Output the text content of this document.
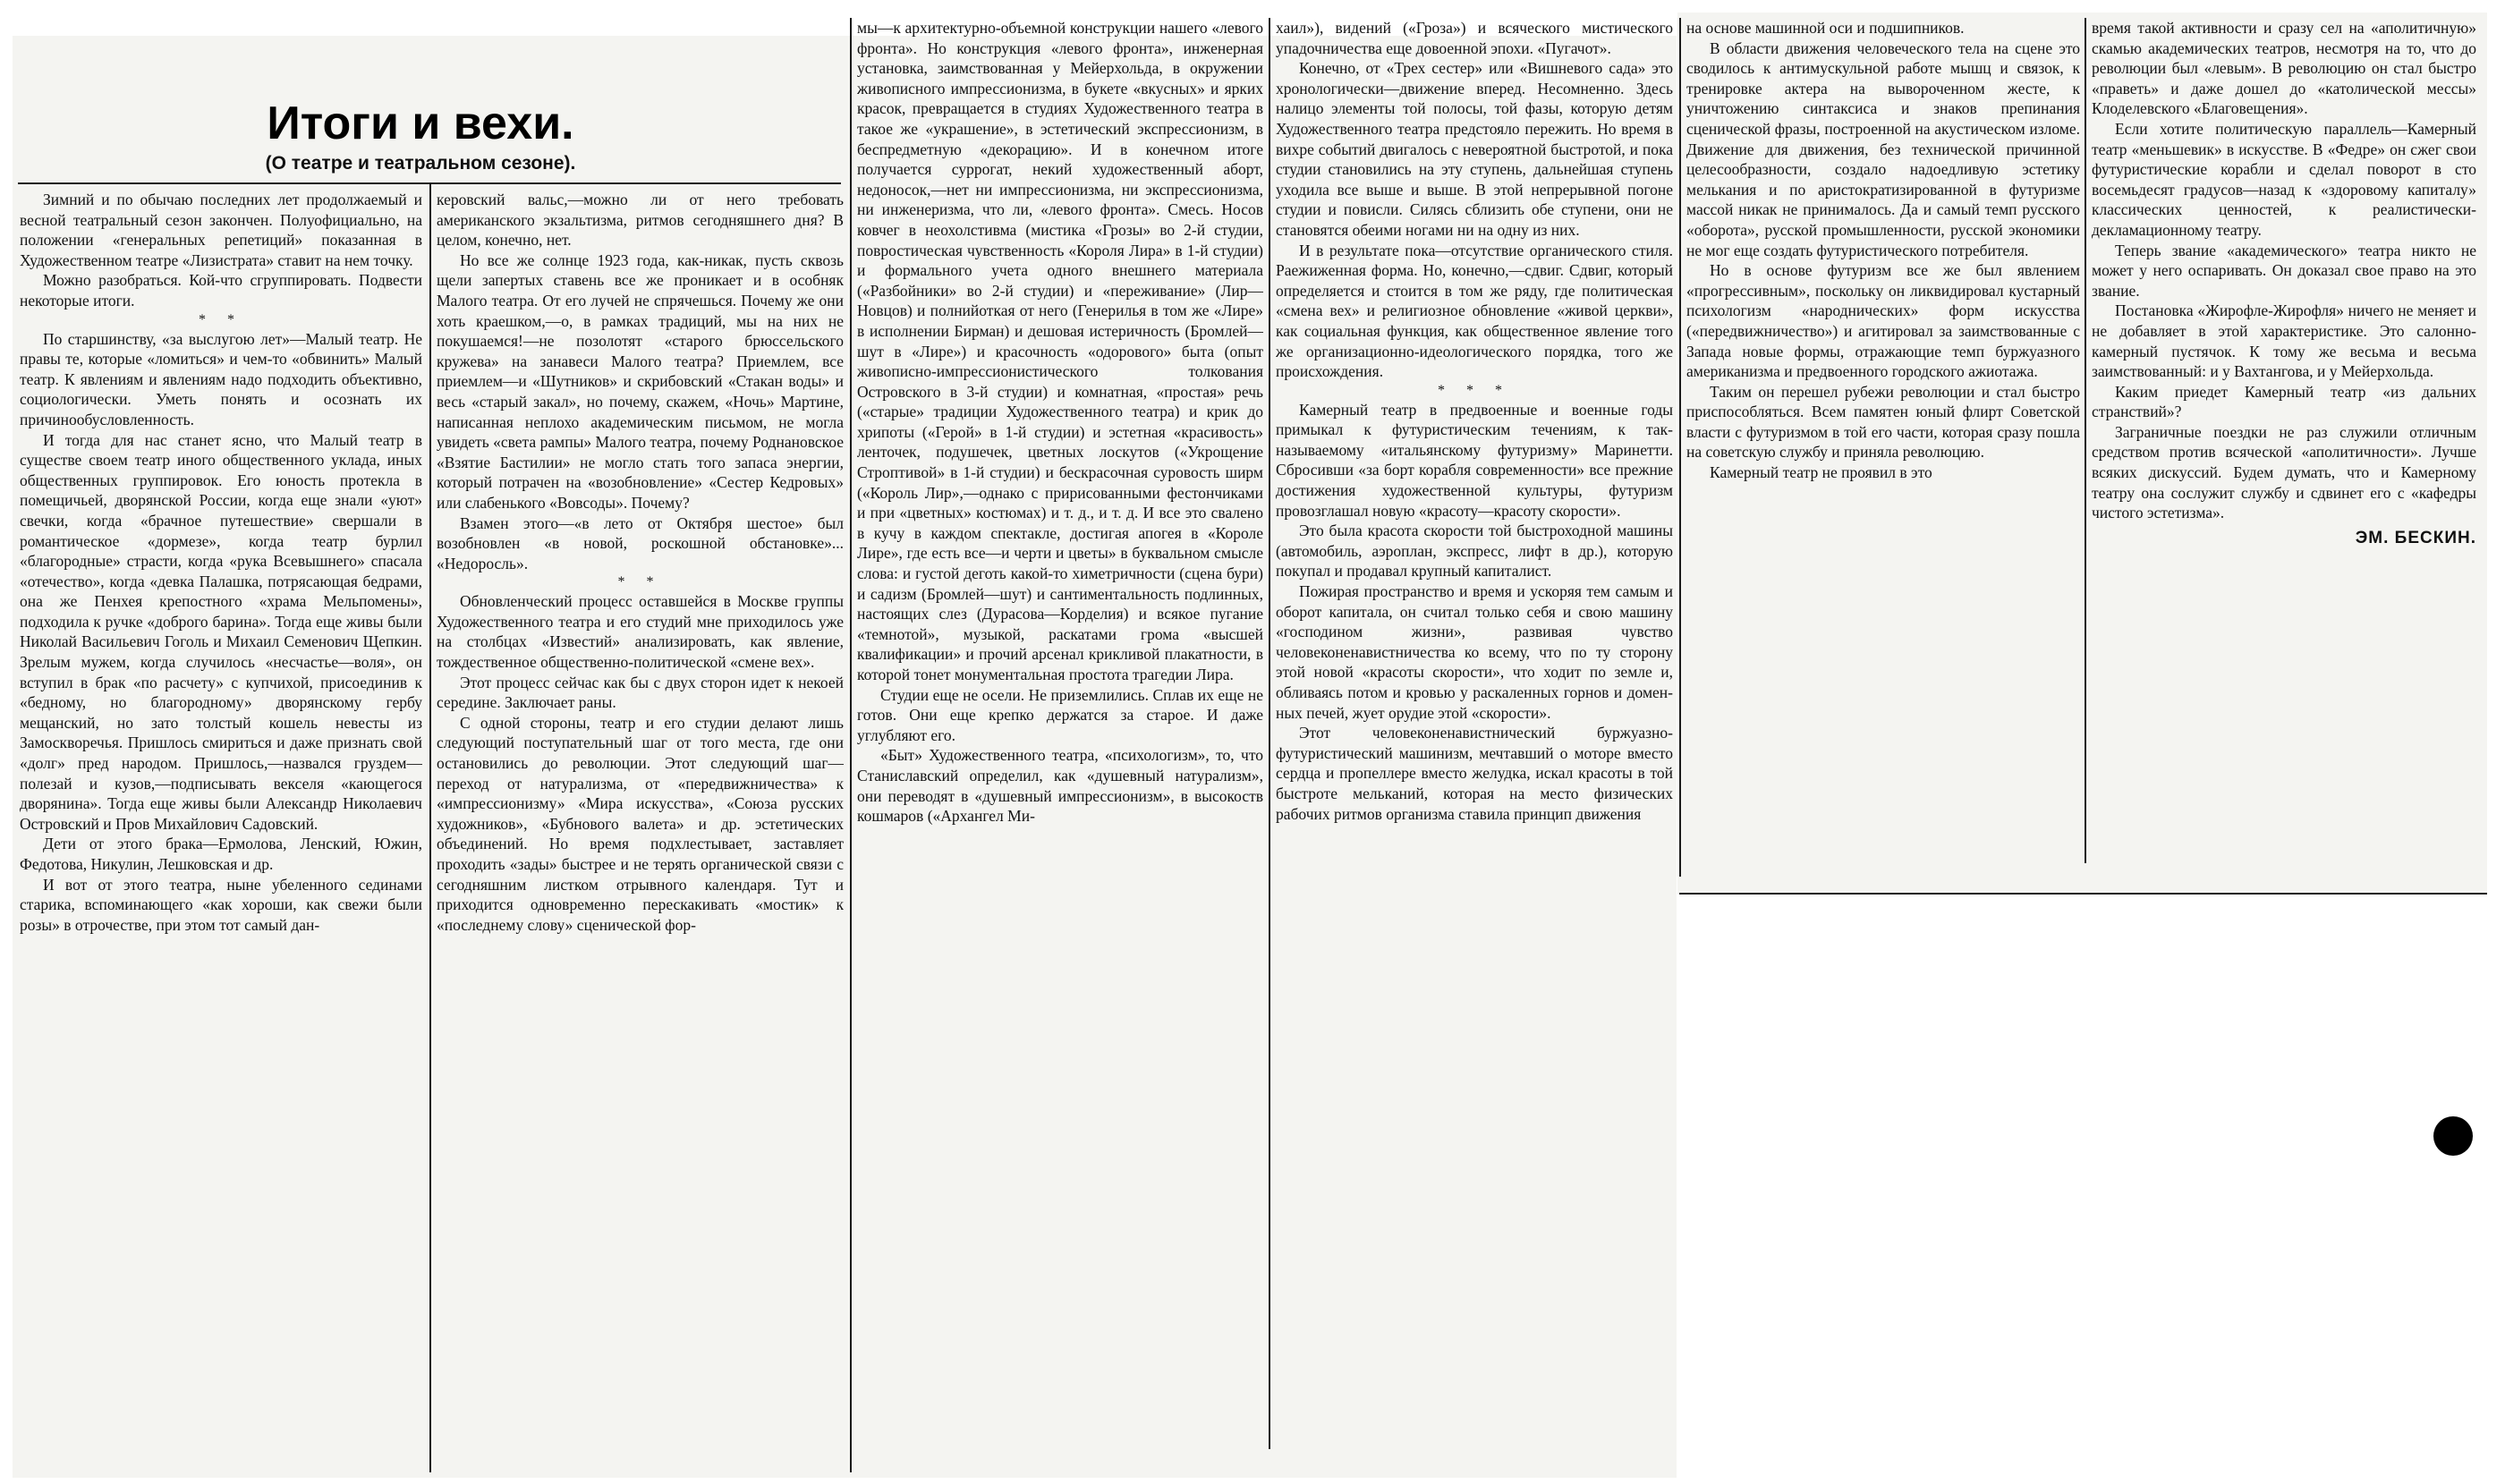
Итоги и вехи.
(О театре и театральном сезоне).

Зимний и по обычаю последних лет продолжаемый и весной театральный сезон закончен. Полуофициально, на положении «генеральных репетиций» показанная в Художественном театре «Лизистрата» ставит на нем точку.

Можно разобраться. Кой-что сгруппировать. Подвести некоторые итоги.

* *

По старшинству, «за выслугою лет»—Малый театр. Не правы те, которые «ломиться» и чем-то «обвинить» Малый театр. К явлениям и явлениям надо подходить объективно, социологически. Уметь понять и осознать их причинообусловленность.

И тогда для нас станет ясно, что Малый театр в существе своем театр иного общественного уклада, иных общественных группировок. Его юность протекла в помещичьей, дворянской России, когда еще знали «уют» свечки, когда «брачное путешествие» свершали в романтическое «дормезе», когда театр бурлил «благородные» страсти, когда «рука Всевышнего» спасала «отечество», когда «девка Палашка, потрясающая бедрами, она же Пенхея крепостного «храма Мельпомены», подходила к ручке «доброго барина». Тогда еще живы были Николай Васильевич Гоголь и Михаил Семенович Щепкин. Зрелым мужем, когда случилось «несчастье—воля», он вступил в брак «по расчету» с купчихой, присоединив к «бедному, но благородному» дворянскому гербу мещанский, но зато толстый кошель невесты из Замоскворечья. Пришлось смириться и даже признать свой «долг» пред народом. Пришлось,—назвался груздем—полезай и кузов,—подписывать векселя «кающегося дворянина». Тогда еще живы были Александр Николаевич Островский и Пров Михайлович Садовский.

Дети от этого брака—Ермолова, Ленский, Южин, Федотова, Никулин, Лешковская и др.

И вот от этого театра, ныне убеленного сединами старика, вспоминающего «как хороши, как свежи были розы» в отрочестве, при этом тот самый дан-

керовский вальс,—можно ли от него требовать американского экзальтизма, ритмов сегодняшнего дня? В целом, конечно, нет.

Но все же солнце 1923 года, как-никак, пусть сквозь щели запертых ставень все же проникает и в особняк Малого театра. От его лучей не спрячешься. Почему же они хоть краешком,—о, в рамках традиций, мы на них не покушаемся!—не позолотят «старого брюссельского кружева» на занавеси Малого театра? Приемлем, все приемлем—и «Шутников» и скрибовский «Стакан воды» и весь «старый закал», но почему, скажем, «Ночь» Мартине, написанная неплохо академическим письмом, не могла увидеть «света рампы» Малого театра, почему Роднановское «Взятие Бастилии» не могло стать того запаса энергии, который потрачен на «возобновление» «Сестер Кедровых» или слабенького «Вовсоды». Почему?

Взамен этого—«в лето от Октября шестое» был возобновлен «в новой, роскошной обстановке»... «Недоросль».

* *

Обновленческий процесс оставшейся в Москве группы Художественного театра и его студий мне приходилось уже на столбцах «Известий» анализировать, как явление, тождественное общественно-политической «смене вех».

Этот процесс сейчас как бы с двух сторон идет к некоей середине. Заключает раны.

С одной стороны, театр и его студии делают лишь следующий поступательный шаг от того места, где они остановились до революции. Этот следующий шаг—переход от натурализма, от «передвижничества» к «импрессионизму» «Мира искусства», «Союза русских художников», «Бубнового валета» и др. эстетических объединений. Но время подхлестывает, заставляет проходить «зады» быстрее и не терять органической связи с сегодняшним листком отрывного календаря. Тут и приходится одновременно перескакивать «мостик» к «последнему слову» сценической фор-

мы—к архитектурно-объемной конструкции нашего «левого фронта». Но конструкция «левого фронта», инженерная установка, заимствованная у Мейерхольда, в окружении живописного импрессионизма, в букете «вкусных» и ярких красок, превращается в студиях Художественного театра в такое же «украшение», в эстетический экспрессионизм, в беспредметную «декорацию». И в конечном итоге получается суррогат, некий художественный аборт, недоносок,—нет ни импрессионизма, ни экспрессионизма, ни инженеризма, что ли, «левого фронта». Смесь. Носов ковчег в неохолстивма (мистика «Грозы» во 2-й студии, повростическая чувственность «Короля Лира» в 1-й студии) и формального учета одного внешнего материала («Разбойники» во 2-й студии) и «переживание» (Лир—Новцов) и полнийоткая от него (Генерилья в том же «Лире» в исполнении Бирман) и дешовая истеричность (Бромлей—шут в «Лире») и красочность «одорового» быта (опыт живописно-импрессионистического толкования Островского в 3-й студии) и комнатная, «простая» речь («старые» традиции Художественного театра) и крик до хрипоты («Герой» в 1-й студии) и эстетная «красивость» ленточек, подушечек, цветных лоскутов («Укрощение Строптивой» в 1-й студии) и беcкрасочная суровость ширм («Король Лир»,—однако с пририсованными фестончиками и при «цветных» костюмах) и т. д., и т. д. И все это свалено в кучу в каждом спектакле, достигая апогея в «Короле Лире», где есть все—и черти и цветы» в буквальном смысле слова: и густой деготь какой-то химетричности (сцена бури) и садизм (Бромлей—шут) и сантиментальность подлинных, настоящих слез (Дурасова—Корделия) и всякое пугание «темнотой», музыкой, раскатами грома «высшей квалификации» и прочий арсенал крикливой плакатности, в которой тонет монументальная простота трагедии Лира.

Студии еще не осели. Не приземлились. Сплав их еще не готов. Они еще крепко держатся за старое. И даже углубляют его.

«Быт» Художественного театра, «психологизм», то, что Станиславский определил, как «душевный натурализм», они переводят в «душевный импрессионизм», в высокоств кошмаров («Архангел Ми-

хаил»), видений («Гроза») и всяческого мистического упадочничества еще довоенной эпохи. «Пугачот».

Конечно, от «Трех сестер» или «Вишневого сада» это хронологически—движение вперед. Несомненно. Здесь налицо элементы той полосы, той фазы, которую детям Художественного театра предстояло пережить. Но время в вихре событий двигалось с невероятной быстротой, и пока студии становились на эту ступень, дальнейшая ступень уходила все выше и выше. В этой непрерывной погоне студии и повисли. Силясь сблизить обе ступени, они не становятся обеими ногами ни на одну из них.

И в результате пока—отсутствие органического стиля. Раежиженная форма. Но, конечно,—сдвиг. Сдвиг, который определяется и стоится в том же ряду, где политическая «смена вех» и религиозное обновление «живой церкви», как социальная функция, как общественное явление того же организационно-идеологического порядка, того же происхождения.

* * *

Камерный театр в предвоенные и военные годы примыкал к футуристическим течениям, к так-называемому «итальянскому футуризму» Маринетти. Сбросивши «за борт корабля современности» все прежние достижения художественной культуры, футуризм провозглашал новую «красоту—красоту скорости».

Это была красота скорости той быстроходной машины (автомобиль, аэроплан, экспресс, лифт в др.), которую покупал и продавал крупный капиталист.

Пожирая пространство и время и ускоряя тем самым и оборот капитала, он считал только себя и свою машину «господином жизни», развивая чувство человеконенавистничества ко всему, что по ту сторону этой новой «красоты скорости», что ходит по земле и, обливаясь потом и кровью у раскаленных горнов и домен-ных печей, жует орудие этой «скорости».

Этот человеконенавистнический буржуазно-футуристический машинизм, мечтавший о моторе вместо сердца и пропеллере вместо желудка, искал красоты в той быстроте мельканий, которая на место физических рабочих ритмов организма ставила принцип движения

на основе машинной оси и подшипников.

В области движения человеческого тела на сцене это сводилось к антимускульной работе мышц и связок, к тренировке актера на вывороченном жесте, к уничтожению синтаксиса и знаков препинания сценической фразы, построенной на акустическом изломе. Движение для движения, без технической причинной целесообразности, создало надоедливую эстетику мелькания и по аристократизированной в футуризме массой никак не принималось. Да и самый темп русского «оборота», русской промышленности, русской экономики не мог еще создать футуристического потребителя.

Но в основе футуризм все же был явлением «прогрессивным», поскольку он ликвидировал кустарный психологизм «народнических» форм искусства («передвижничество») и агитировал за заимствованные с Запада новые формы, отражающие темп буржуазного американизма и предвоенного городского ажиотажа.

Таким он перешел рубежи революции и стал быстро приспособляться. Всем памятен юный флирт Советской власти с футуризмом в той его части, которая сразу пошла на советскую службу и приняла революцию.

Камерный театр не проявил в это

время такой активности и сразу сел на «аполитичную» скамью академических театров, несмотря на то, что до революции был «левым». В революцию он стал быстро «праветь» и даже дошел до «католической мессы» Клоделевского «Благовещения».

Если хотите политическую параллель—Камерный театр «меньшевик» в искусстве. В «Федре» он сжег свои футуристические корабли и сделал поворот в сто восемьдесят градусов—назад к «здоровому капиталу» классических ценностей, к реалистически-декламационному театру.

Теперь звание «академического» театра никто не может у него оспаривать. Он доказал свое право на это звание.

Постановка «Жирофле-Жирофля» ничего не меняет и не добавляет в этой характеристике. Это салонно-камерный пустячок. К тому же весьма и весьма заимствованный: и у Вахтангова, и у Мейерхольда.

Каким приедет Камерный театр «из дальних странствий»?

Заграничные поездки не раз служили отличным средством против всяческой «аполитичности». Лучше всяких дискуссий. Будем думать, что и Камерному театру она сослужит службу и сдвинет его с «кафедры чистого эстетизма».

ЭМ. БЕСКИН.
